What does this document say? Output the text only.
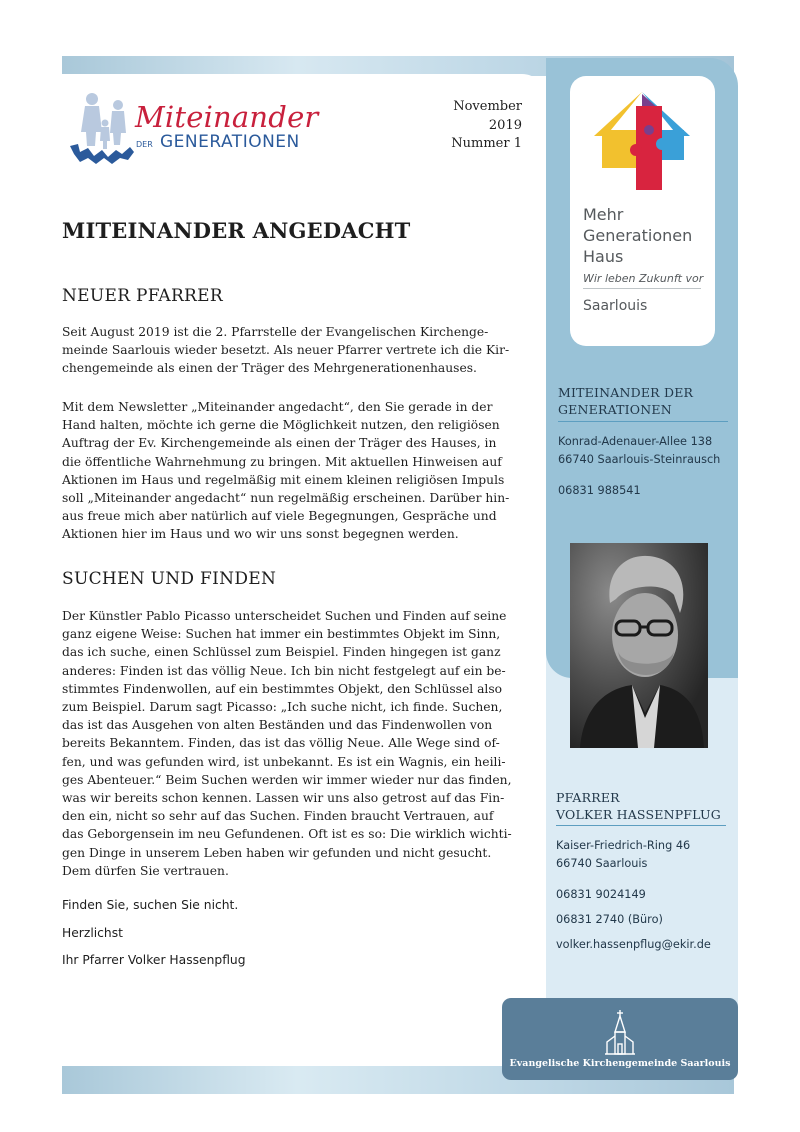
Miteinander
DER GENERATIONEN
November
2019
Nummer 1
MITEINANDER ANGEDACHT
NEUER PFARRER
Seit August 2019 ist die 2. Pfarrstelle der Evangelischen Kirchenge-
meinde Saarlouis wieder besetzt. Als neuer Pfarrer vertrete ich die Kir-
chengemeinde als einen der Träger des Mehrgenerationenhauses.
Mit dem Newsletter „Miteinander angedacht“, den Sie gerade in der
Hand halten, möchte ich gerne die Möglichkeit nutzen, den religiösen
Auftrag der Ev. Kirchengemeinde als einen der Träger des Hauses, in
die öffentliche Wahrnehmung zu bringen. Mit aktuellen Hinweisen auf
Aktionen im Haus und regelmäßig mit einem kleinen religiösen Impuls
soll „Miteinander angedacht“ nun regelmäßig erscheinen. Darüber hin-
aus freue mich aber natürlich auf viele Begegnungen, Gespräche und
Aktionen hier im Haus und wo wir uns sonst begegnen werden.
SUCHEN UND FINDEN
Der Künstler Pablo Picasso unterscheidet Suchen und Finden auf seine
ganz eigene Weise: Suchen hat immer ein bestimmtes Objekt im Sinn,
das ich suche, einen Schlüssel zum Beispiel. Finden hingegen ist ganz
anderes: Finden ist das völlig Neue. Ich bin nicht festgelegt auf ein be-
stimmtes Findenwollen, auf ein bestimmtes Objekt, den Schlüssel also
zum Beispiel. Darum sagt Picasso: „Ich suche nicht, ich finde. Suchen,
das ist das Ausgehen von alten Beständen und das Findenwollen von
bereits Bekanntem. Finden, das ist das völlig Neue. Alle Wege sind of-
fen, und was gefunden wird, ist unbekannt. Es ist ein Wagnis, ein heili-
ges Abenteuer.“ Beim Suchen werden wir immer wieder nur das finden,
was wir bereits schon kennen. Lassen wir uns also getrost auf das Fin-
den ein, nicht so sehr auf das Suchen. Finden braucht Vertrauen, auf
das Geborgensein im neu Gefundenen. Oft ist es so: Die wirklich wichti-
gen Dinge in unserem Leben haben wir gefunden und nicht gesucht.
Dem dürfen Sie vertrauen.
Finden Sie, suchen Sie nicht.
Herzlichst
Ihr Pfarrer Volker Hassenpflug
Mehr
Generationen
Haus
Wir leben Zukunft vor
Saarlouis
MITEINANDER DER
GENERATIONEN
Konrad-Adenauer-Allee 138
66740 Saarlouis-Steinrausch
06831 988541
PFARRER
VOLKER HASSENPFLUG
Kaiser-Friedrich-Ring 46
66740 Saarlouis
06831 9024149
06831 2740 (Büro)
volker.hassenpflug@ekir.de
Evangelische Kirchengemeinde Saarlouis
